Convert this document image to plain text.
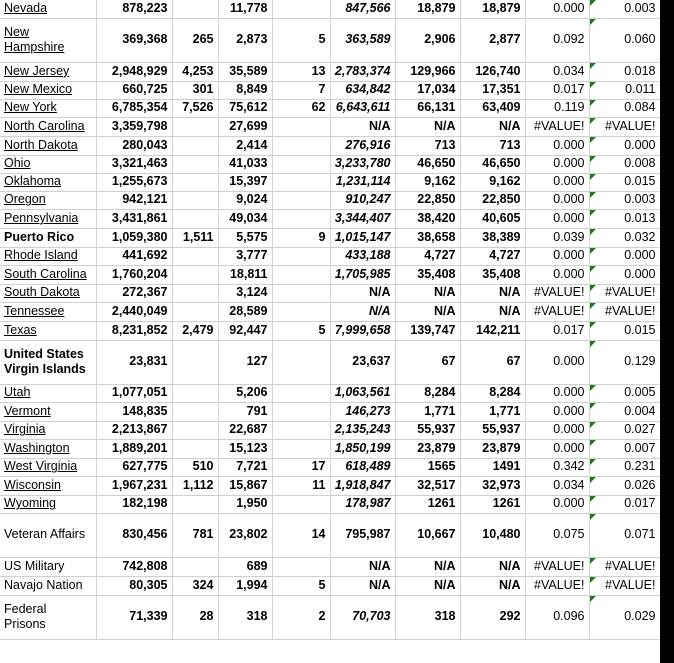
Nevada	878,223		11,778		847,566	18,879	18,879	0.000	0.003
New Hampshire	369,368	265	2,873	5	363,589	2,906	2,877	0.092	0.060
New Jersey	2,948,929	4,253	35,589	13	2,783,374	129,966	126,740	0.034	0.018
New Mexico	660,725	301	8,849	7	634,842	17,034	17,351	0.017	0.011
New York	6,785,354	7,526	75,612	62	6,643,611	66,131	63,409	0.119	0.084
North Carolina	3,359,798		27,699		N/A	N/A	N/A	#VALUE!	#VALUE!
North Dakota	280,043		2,414		276,916	713	713	0.000	0.000
Ohio	3,321,463		41,033		3,233,780	46,650	46,650	0.000	0.008
Oklahoma	1,255,673		15,397		1,231,114	9,162	9,162	0.000	0.015
Oregon	942,121		9,024		910,247	22,850	22,850	0.000	0.003
Pennsylvania	3,431,861		49,034		3,344,407	38,420	40,605	0.000	0.013
Puerto Rico	1,059,380	1,511	5,575	9	1,015,147	38,658	38,389	0.039	0.032
Rhode Island	441,692		3,777		433,188	4,727	4,727	0.000	0.000
South Carolina	1,760,204		18,811		1,705,985	35,408	35,408	0.000	0.000
South Dakota	272,367		3,124		N/A	N/A	N/A	#VALUE!	#VALUE!
Tennessee	2,440,049		28,589		N/A	N/A	N/A	#VALUE!	#VALUE!
Texas	8,231,852	2,479	92,447	5	7,999,658	139,747	142,211	0.017	0.015
United States Virgin Islands	23,831		127		23,637	67	67	0.000	0.129
Utah	1,077,051		5,206		1,063,561	8,284	8,284	0.000	0.005
Vermont	148,835		791		146,273	1,771	1,771	0.000	0.004
Virginia	2,213,867		22,687		2,135,243	55,937	55,937	0.000	0.027
Washington	1,889,201		15,123		1,850,199	23,879	23,879	0.000	0.007
West Virginia	627,775	510	7,721	17	618,489	1565	1491	0.342	0.231
Wisconsin	1,967,231	1,112	15,867	11	1,918,847	32,517	32,973	0.034	0.026
Wyoming	182,198		1,950		178,987	1261	1261	0.000	0.017
Veteran Affairs	830,456	781	23,802	14	795,987	10,667	10,480	0.075	0.071
US Military	742,808		689		N/A	N/A	N/A	#VALUE!	#VALUE!
Navajo Nation	80,305	324	1,994	5	N/A	N/A	N/A	#VALUE!	#VALUE!
Federal Prisons	71,339	28	318	2	70,703	318	292	0.096	0.029
